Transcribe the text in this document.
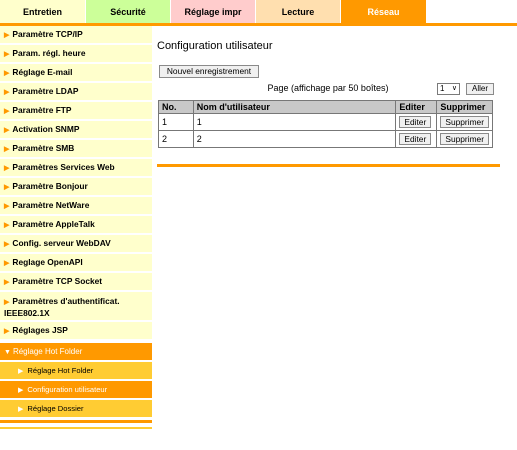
Entretien	Sécurité	Réglage impr	Lecture	Réseau
▶ Paramètre TCP/IP
▶ Param. régl. heure
▶ Réglage E-mail
▶ Paramètre LDAP
▶ Paramètre FTP
▶ Activation SNMP
▶ Paramètre SMB
▶ Paramètres Services Web
▶ Paramètre Bonjour
▶ Paramètre NetWare
▶ Paramètre AppleTalk
▶ Config. serveur WebDAV
▶ Reglage OpenAPI
▶ Paramètre TCP Socket
▶ Paramètres d'authentificat. IEEE802.1X
▶ Réglages JSP
▼ Réglage Hot Folder
▶ Réglage Hot Folder
▶ Configuration utilisateur
▶ Réglage Dossier
Configuration utilisateur
Nouvel enregistrement
Page (affichage par 50 boîtes)	1 ∨	Aller
No.	Nom d'utilisateur	Editer	Supprimer
1	1	Editer	Supprimer
2	2	Editer	Supprimer
